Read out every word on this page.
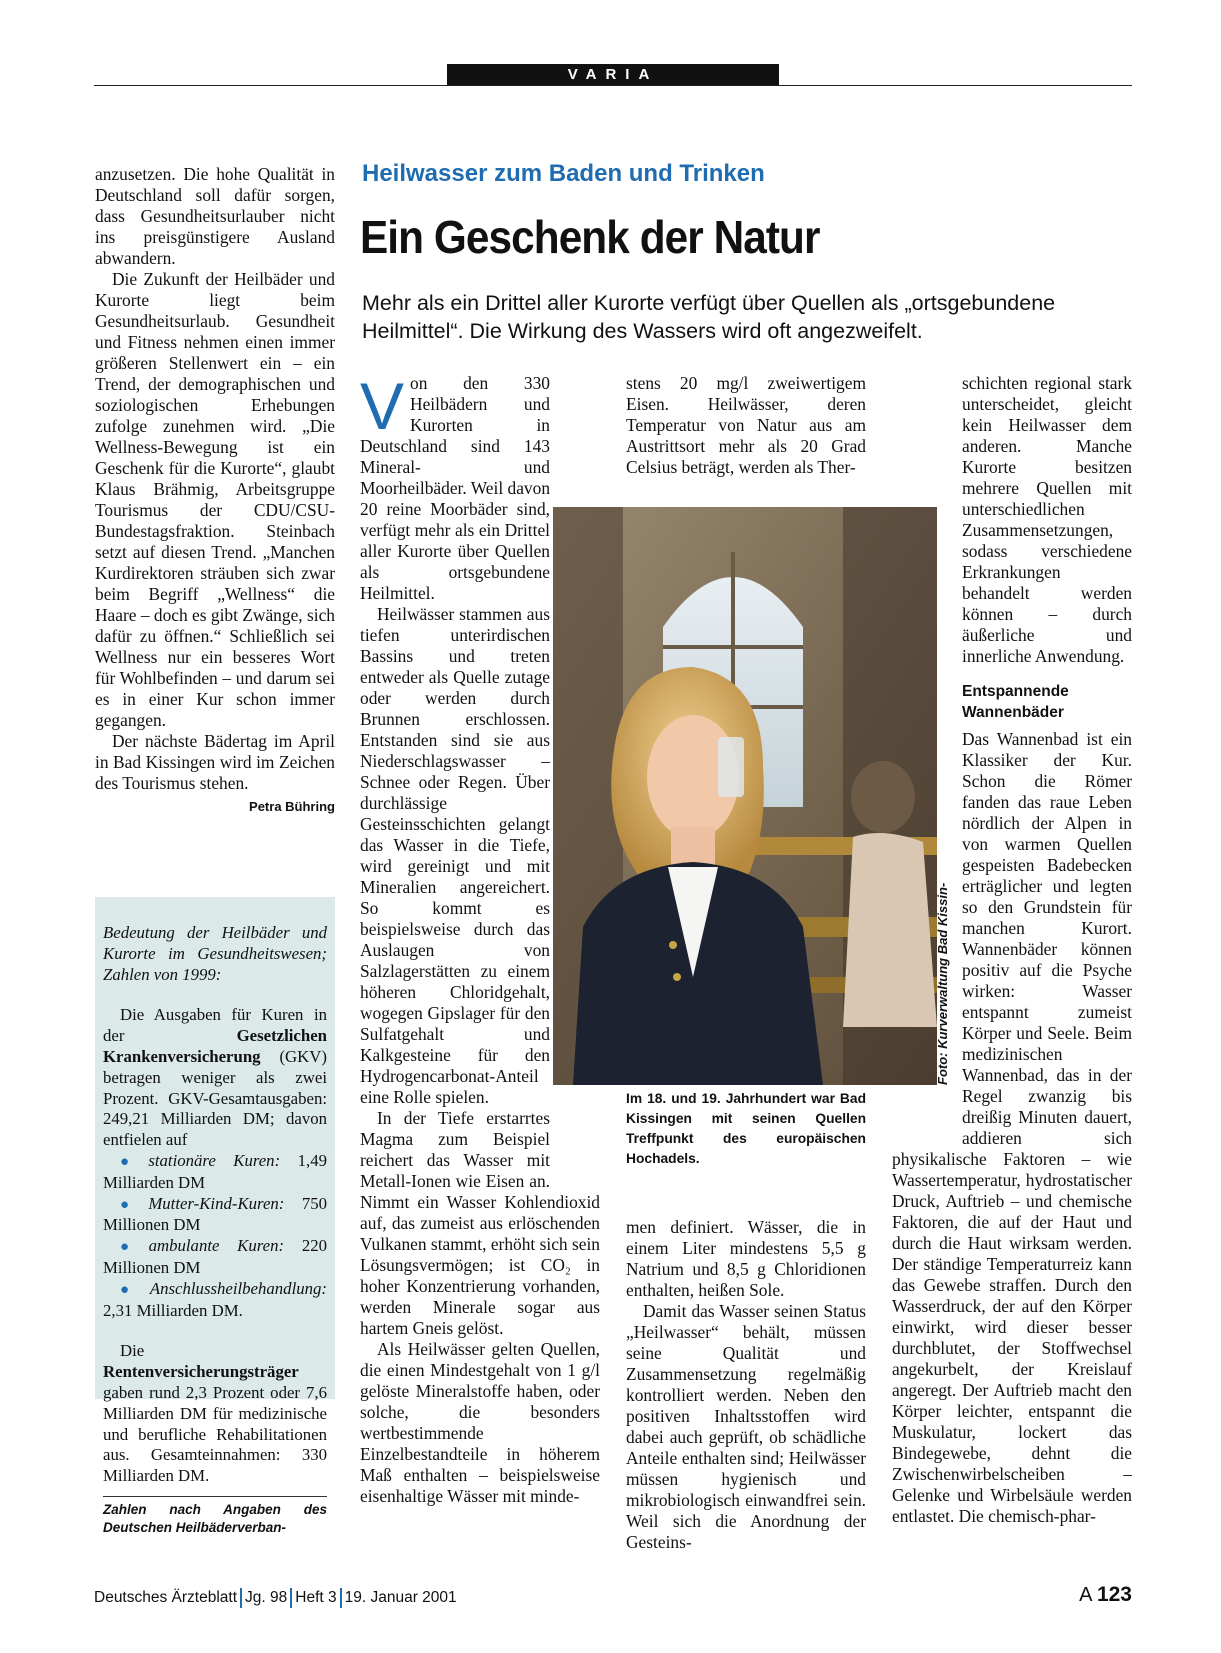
VARIA

anzusetzen. Die hohe Qualität in Deutschland soll dafür sorgen, dass Gesundheitsurlauber nicht ins preisgünstigere Ausland abwandern.

Die Zukunft der Heilbäder und Kurorte liegt beim Gesundheitsurlaub. Gesundheit und Fitness nehmen einen immer größeren Stellenwert ein – ein Trend, der demographischen und soziologischen Erhebungen zufolge zunehmen wird. „Die Wellness-Bewegung ist ein Geschenk für die Kurorte“, glaubt Klaus Brähmig, Arbeitsgruppe Tourismus der CDU/CSU-Bundestagsfraktion. Steinbach setzt auf diesen Trend. „Manchen Kurdirektoren sträuben sich zwar beim Begriff „Wellness“ die Haare – doch es gibt Zwänge, sich dafür zu öffnen.“ Schließlich sei Wellness nur ein besseres Wort für Wohlbefinden – und darum sei es in einer Kur schon immer gegangen.

Der nächste Bädertag im April in Bad Kissingen wird im Zeichen des Tourismus stehen.
Petra Bühring

Bedeutung der Heilbäder und Kurorte im Gesundheitswesen; Zahlen von 1999:

Die Ausgaben für Kuren in der Gesetzlichen Krankenversicherung (GKV) betragen weniger als zwei Prozent. GKV-Gesamtausgaben: 249,21 Milliarden DM; davon entfielen auf

● stationäre Kuren: 1,49 Milliarden DM

● Mutter-Kind-Kuren: 750 Millionen DM

● ambulante Kuren: 220 Millionen DM

● Anschlussheilbehandlung: 2,31 Milliarden DM.

Die Rentenversicherungsträger gaben rund 2,3 Prozent oder 7,6 Milliarden DM für medizinische und berufliche Rehabilitationen aus. Gesamteinnahmen: 330 Milliarden DM.

Zahlen nach Angaben des Deutschen Heilbäderverban-
Heilwasser zum Baden und Trinken
Ein Geschenk der Natur
Mehr als ein Drittel aller Kurorte verfügt über Quellen als „ortsgebundene Heilmittel“. Die Wirkung des Wassers wird oft angezweifelt.
V on den 330 Heilbädern und Kurorten in Deutschland sind 143 Mineral- und Moorheilbäder. Weil davon 20 reine Moorbäder sind, verfügt mehr als ein Drittel aller Kurorte über Quellen als ortsgebundene Heilmittel.

Heilwässer stammen aus tiefen unterirdischen Bassins und treten entweder als Quelle zutage oder werden durch Brunnen erschlossen. Entstanden sind sie aus Niederschlagswasser – Schnee oder Regen. Über durchlässige Gesteinsschichten gelangt das Wasser in die Tiefe, wird gereinigt und mit Mineralien angereichert. So kommt es beispielsweise durch das Auslaugen von Salzlagerstätten zu einem höheren Chloridgehalt, wogegen Gipslager für den Sulfatgehalt und Kalkgesteine für den Hydrogencarbonat-Anteil eine Rolle spielen.

In der Tiefe erstarrtes Magma zum Beispiel reichert das Wasser mit Metall-Ionen wie Eisen an. Nimmt ein Wasser Kohlendioxid auf, das zumeist aus erlöschenden Vulkanen stammt, erhöht sich sein Lösungsvermögen; ist CO₂ in hoher Konzentrierung vorhanden, werden Minerale sogar aus hartem Gneis gelöst.

Als Heilwässer gelten Quellen, die einen Mindestgehalt von 1 g/l gelöste Mineralstoffe haben, oder solche, die besonders wertbestimmende Einzelbestandteile in höherem Maß enthalten – beispielsweise eisenhaltige Wässer mit minde-

stens 20 mg/l zweiwertigem Eisen. Heilwässer, deren Temperatur von Natur aus am Austrittsort mehr als 20 Grad Celsius beträgt, werden als Ther-

men definiert. Wässer, die in einem Liter mindestens 5,5 g Natrium und 8,5 g Chloridionen enthalten, heißen Sole.

Damit das Wasser seinen Status „Heilwasser“ behält, müssen seine Qualität und Zusammensetzung regelmäßig kontrolliert werden. Neben den positiven Inhaltsstoffen wird dabei auch geprüft, ob schädliche Anteile enthalten sind; Heilwässer müssen hygienisch und mikrobiologisch einwandfrei sein. Weil sich die Anordnung der Gesteins-

schichten regional stark unterscheidet, gleicht kein Heilwasser dem anderen. Manche Kurorte besitzen mehrere Quellen mit unterschiedlichen Zusammensetzungen, sodass verschiedene Erkrankungen behandelt werden können – durch äußerliche und innerliche Anwendung.

Entspannende Wannenbäder

Das Wannenbad ist ein Klassiker der Kur. Schon die Römer fanden das raue Leben nördlich der Alpen in von warmen Quellen gespeisten Badebecken erträglicher und legten so den Grundstein für manchen Kurort. Wannenbäder können positiv auf die Psyche wirken: Wasser entspannt zumeist Körper und Seele. Beim medizinischen Wannenbad, das in der Regel zwanzig bis dreißig Minuten dauert, addieren sich physikalische Faktoren – wie Wassertemperatur, hydrostatischer Druck, Auftrieb – und chemische Faktoren, die auf der Haut und durch die Haut wirksam werden. Der ständige Temperaturreiz kann das Gewebe straffen. Durch den Wasserdruck, der auf den Körper einwirkt, wird dieser besser durchblutet, der Stoffwechsel angekurbelt, der Kreislauf angeregt. Der Auftrieb macht den Körper leichter, entspannt die Muskulatur, lockert das Bindegewebe, dehnt die Zwischenwirbelscheiben – Gelenke und Wirbelsäule werden entlastet. Die chemisch-phar-

Foto: Kurverwaltung Bad Kissin-
Im 18. und 19. Jahrhundert war Bad Kissingen mit seinen Quellen Treffpunkt des europäischen Hochadels.
Deutsches Ärzteblatt Jg. 98 Heft 3 19. Januar 2001	A 123
